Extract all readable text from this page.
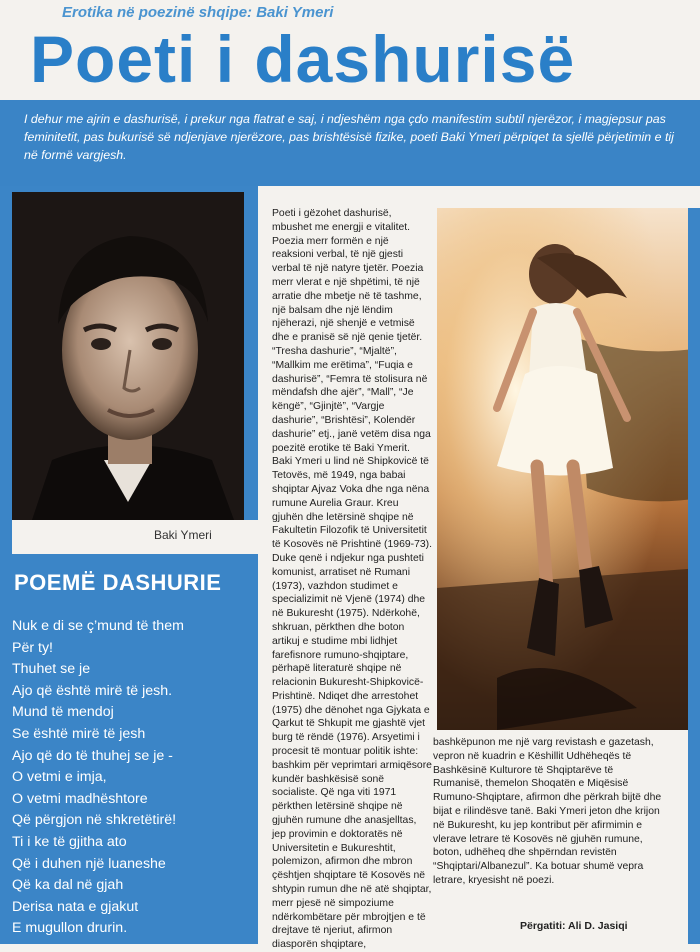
Erotika në poezinë shqipe: Baki Ymeri
Poeti i dashurisë

I dehur me ajrin e dashurisë, i prekur nga flatrat e saj, i ndjeshëm nga çdo manifestim subtil njerëzor, i magjepsur pas feminitetit, pas bukurisë së ndjenjave njerëzore, pas brishtësisë fizike, poeti Baki Ymeri përpiqet ta sjellë përjetimin e tij në formë vargjesh.

Baki Ymeri
POEMË DASHURIE
Nuk e di se ç’mund të them
Për ty!
Thuhet se je
Ajo që është mirë të jesh.
Mund të mendoj
Se është mirë të jesh
Ajo që do të thuhej se je -
O vetmi e imja,
O vetmi madhështore
Që përgjon në shkretëtirë!
Ti i ke të gjitha ato
Që i duhen një luaneshe
Që ka dal në gjah
Derisa nata e gjakut
E mugullon drurin.

Poeti i gëzohet dashurisë, mbushet me energji e vitalitet. Poezia merr formën e një reaksioni verbal, të një gjesti verbal të një natyre tjetër. Poezia merr vlerat e një shpëtimi, të një arratie dhe mbetje në të tashme, një balsam dhe një lëndim njëherazi, një shenjë e vetmisë dhe e pranisë së një qenie tjetër. “Tresha dashurie”, “Mjaltë”, “Mallkim me erëtima”, “Fuqia e dashurisë”, “Femra të stolisura në mëndafsh dhe ajër”, “Mall”, “Je këngë”, “Gjinjtë”, “Vargje dashurie”, “Brishtësi”, Kolendër dashurie” etj., janë vetëm disa nga poezitë erotike të Baki Ymerit. Baki Ymeri u lind në Shipkovicë të Tetovës, më 1949, nga babai shqiptar Ajvaz Voka dhe nga nëna rumune Aurelia Graur. Kreu gjuhën dhe letërsinë shqipe në Fakultetin Filozofik të Universitetit të Kosovës në Prishtinë (1969-73). Duke qenë i ndjekur nga pushteti komunist, arratiset në Rumani (1973), vazhdon studimet e specializimit në Vjenë (1974) dhe në Bukuresht (1975). Ndërkohë, shkruan, përkthen dhe boton artikuj e studime mbi lidhjet farefisnore rumuno-shqiptare, përhapë literaturë shqipe në relacionin Bukuresht-Shipkovicë-Prishtinë. Ndiqet dhe arrestohet (1975) dhe dënohet nga Gjykata e Qarkut të Shkupit me gjashtë vjet burg të rëndë (1976). Arsyetimi i procesit të montuar politik ishte: bashkim për veprimtari armiqësore kundër bashkësisë sonë socialiste. Që nga viti 1971 përkthen letërsinë shqipe në gjuhën rumune dhe anasjelltas, jep provimin e doktoratës në Universitetin e Bukureshtit, polemizon, afirmon dhe mbron çështjen shqiptare të Kosovës në shtypin rumun dhe në atë shqiptar, merr pjesë në simpoziume ndërkombëtare për mbrojtjen e të drejtave të njeriut, afirmon diasporën shqiptare,

bashkëpunon me një varg revistash e gazetash, vepron në kuadrin e Këshillit Udhëheqës të Bashkësinë Kulturore të Shqiptarëve të Rumanisë, themelon Shoqatën e Miqësisë Rumuno-Shqiptare, afirmon dhe përkrah bijtë dhe bijat e rilindësve tanë. Baki Ymeri jeton dhe krijon në Bukuresht, ku jep kontribut për afirmimin e vlerave letrare të Kosovës në gjuhën rumune, boton, udhëheq dhe shpërndan revistën “Shqiptari/Albanezul”. Ka botuar shumë vepra letrare, kryesisht në poezi.

Përgatiti: Ali D. Jasiqi
